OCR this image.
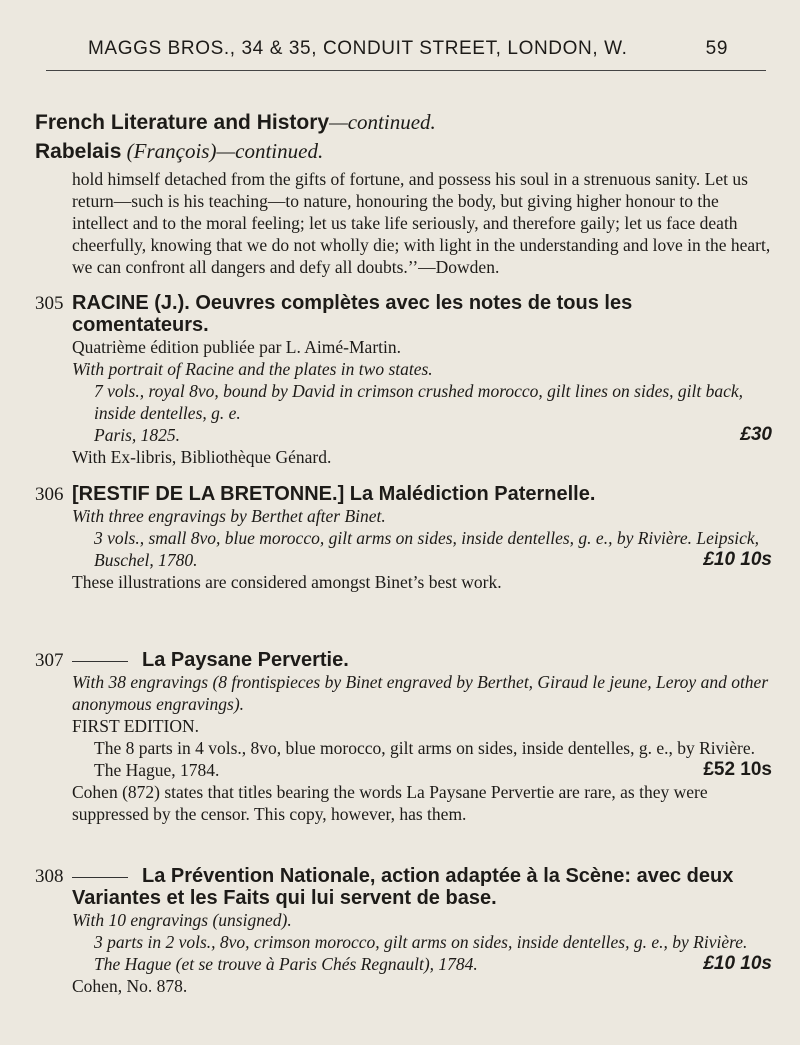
MAGGS BROS., 34 & 35, CONDUIT STREET, LONDON, W.	59
French Literature and History—continued.
Rabelais (François)—continued.

hold himself detached from the gifts of fortune, and possess his soul in a strenuous sanity. Let us return—such is his teaching—to nature, honouring the body, but giving higher honour to the intellect and to the moral feeling; let us take life seriously, and therefore gaily; let us face death cheerfully, knowing that we do not wholly die; with light in the understanding and love in the heart, we can confront all dangers and defy all doubts.’’—Dowden.

305 RACINE (J.). Oeuvres complètes avec les notes de tous les comentateurs.

Quatrième édition publiée par L. Aimé-Martin.

With portrait of Racine and the plates in two states.

7 vols., royal 8vo, bound by David in crimson crushed morocco, gilt lines on sides, gilt back, inside dentelles, g. e.

Paris, 1825.	£30

With Ex-libris, Bibliothèque Génard.

306 [RESTIF DE LA BRETONNE.] La Malédiction Paternelle.

With three engravings by Berthet after Binet.

3 vols., small 8vo, blue morocco, gilt arms on sides, inside dentelles, g. e., by Rivière. Leipsick, Buschel, 1780.	£10 10s

These illustrations are considered amongst Binet’s best work.

307	La Paysane Pervertie.

With 38 engravings (8 frontispieces by Binet engraved by Berthet, Giraud le jeune, Leroy and other anonymous engravings).

FIRST EDITION.

The 8 parts in 4 vols., 8vo, blue morocco, gilt arms on sides, inside dentelles, g. e., by Rivière. The Hague, 1784.	£52 10s

Cohen (872) states that titles bearing the words La Paysane Pervertie are rare, as they were suppressed by the censor. This copy, however, has them.

308	La Prévention Nationale, action adaptée à la Scène: avec deux Variantes et les Faits qui lui servent de base.

With 10 engravings (unsigned).

3 parts in 2 vols., 8vo, crimson morocco, gilt arms on sides, inside dentelles, g. e., by Rivière.

The Hague (et se trouve à Paris Chés Regnault), 1784.	£10 10s

Cohen, No. 878.
